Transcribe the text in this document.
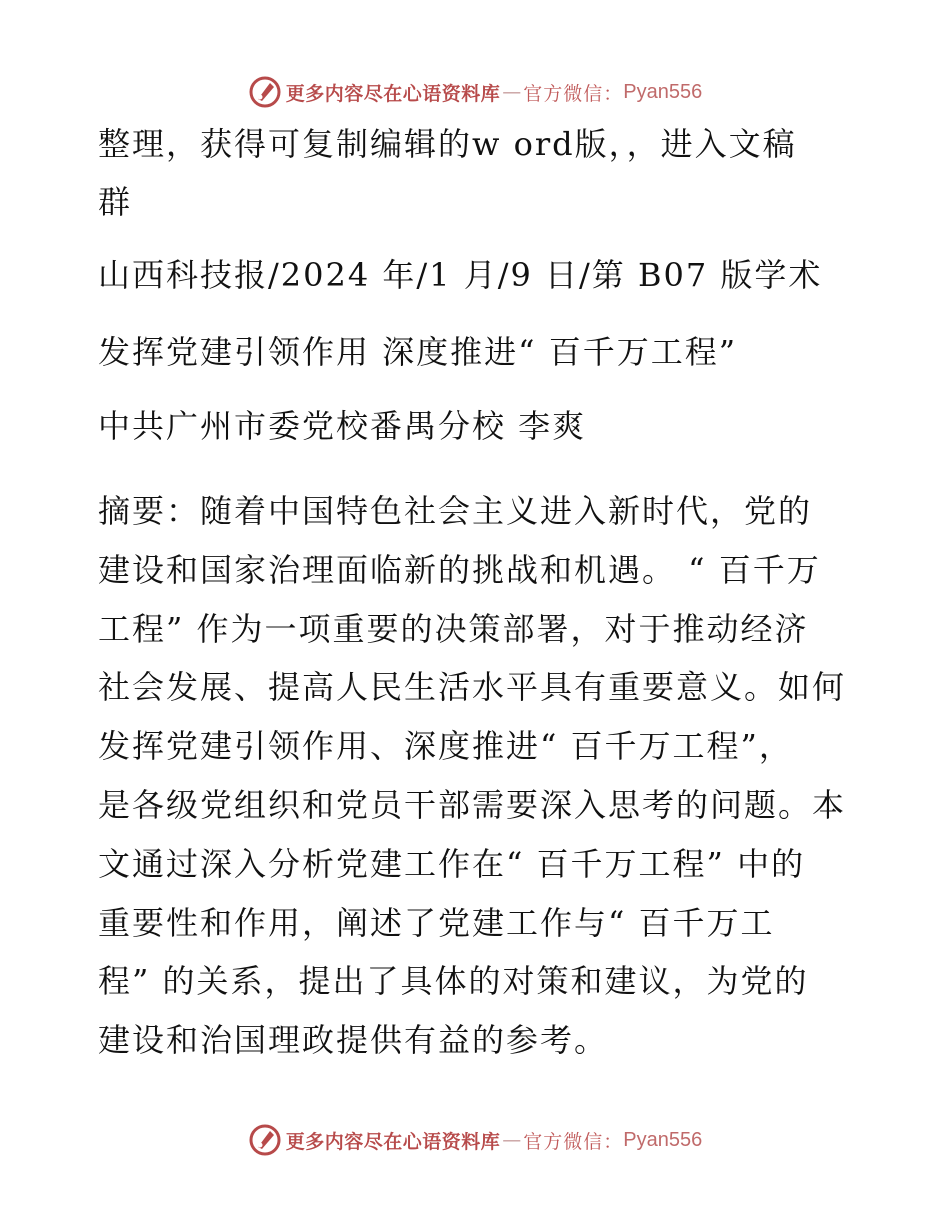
更多内容尽在心语资料库 — 官方微信： Pyan556
整理，获得可复制编辑的w ord版，，进入文稿
群
山西科技报/2024 年/1 月/9 日/第 B07 版学术
发挥党建引领作用 深度推进“ 百千万工程”
中共广州市委党校番禺分校 李爽
摘要：随着中国特色社会主义进入新时代，党的
建设和国家治理面临新的挑战和机遇。 “ 百千万
工程” 作为一项重要的决策部署，对于推动经济
社会发展、提高人民生活水平具有重要意义。如何
发挥党建引领作用、深度推进“ 百千万工程”，
是各级党组织和党员干部需要深入思考的问题。本
文通过深入分析党建工作在“ 百千万工程” 中的
重要性和作用，阐述了党建工作与“ 百千万工
程” 的关系，提出了具体的对策和建议，为党的
建设和治国理政提供有益的参考。
更多内容尽在心语资料库 — 官方微信： Pyan556
